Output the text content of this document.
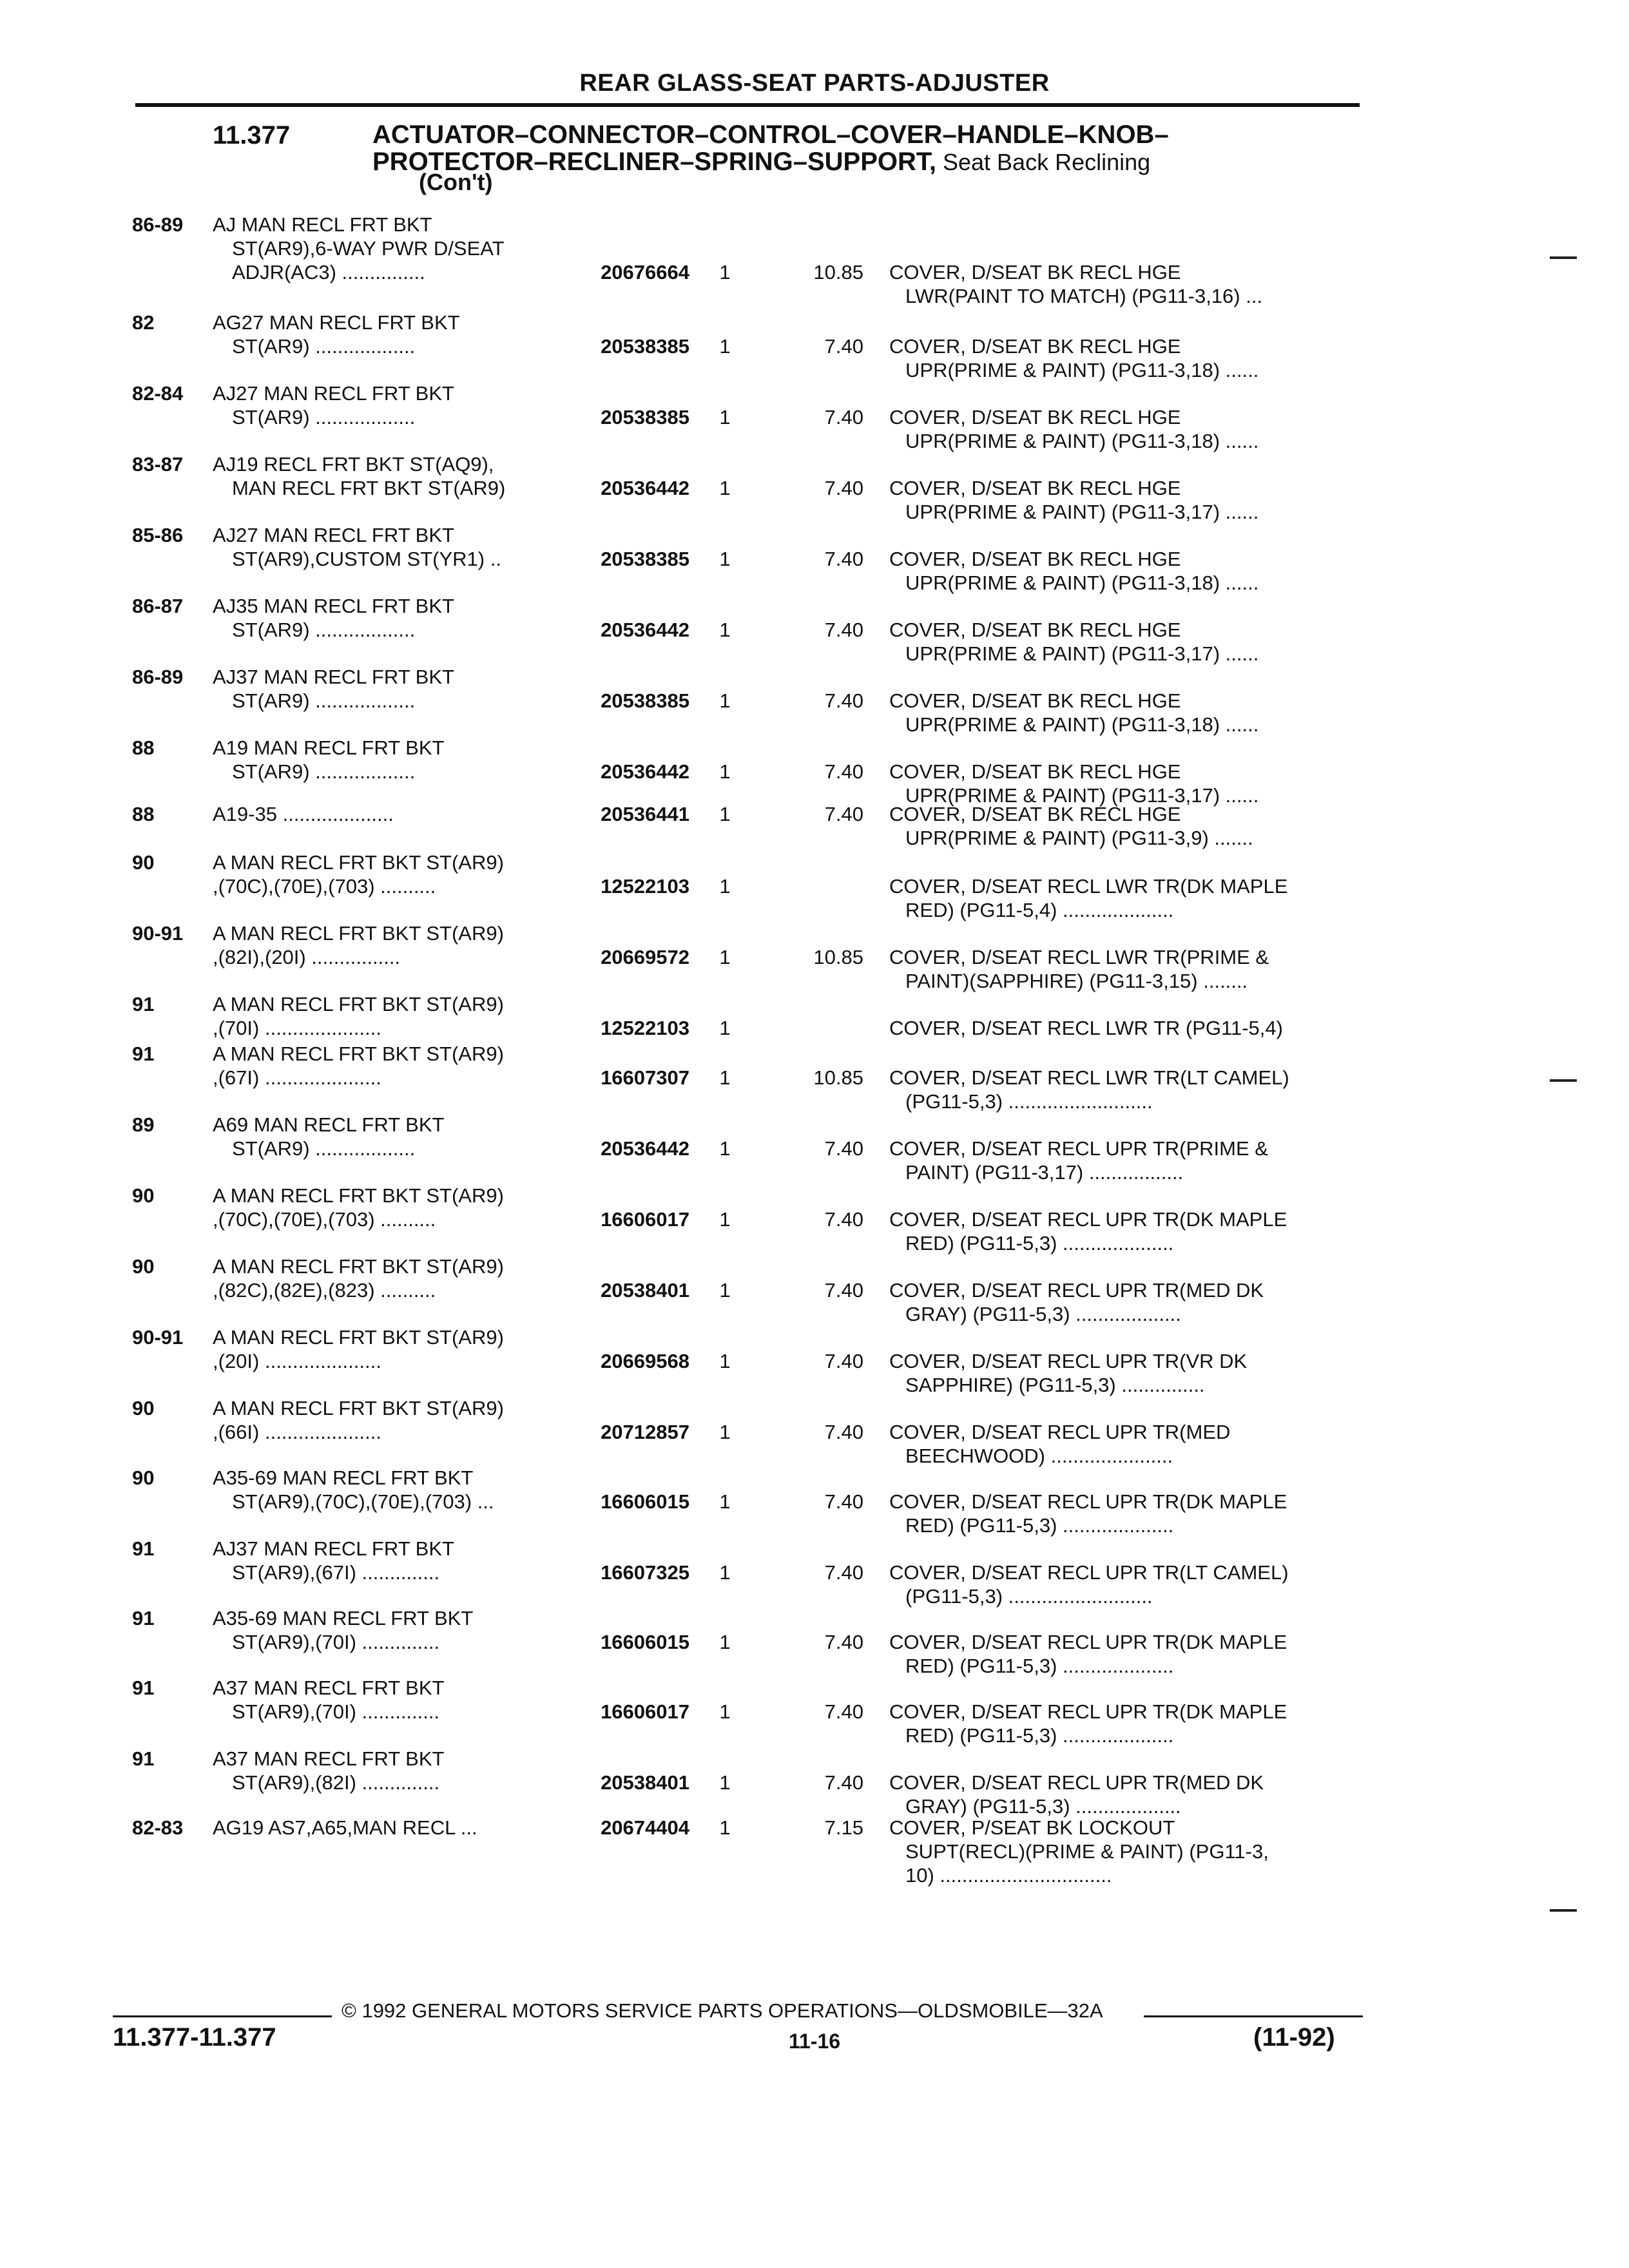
REAR GLASS-SEAT PARTS-ADJUSTER
11.377	ACTUATOR–CONNECTOR–CONTROL–COVER–HANDLE–KNOB–
PROTECTOR–RECLINER–SPRING–SUPPORT, Seat Back Reclining
(Con't)
86-89 AJ MAN RECL FRT BKT
ST(AR9),6-WAY PWR D/SEAT
ADJR(AC3) ...............	20676664	1	10.85 COVER, D/SEAT BK RECL HGE
LWR(PAINT TO MATCH) (PG11-3,16) ...
82	AG27 MAN RECL FRT BKT
ST(AR9) ..................	20538385	1	7.40 COVER, D/SEAT BK RECL HGE
UPR(PRIME & PAINT) (PG11-3,18) ......
82-84 AJ27 MAN RECL FRT BKT
ST(AR9) ..................	20538385	1	7.40 COVER, D/SEAT BK RECL HGE
UPR(PRIME & PAINT) (PG11-3,18) ......
83-87 AJ19 RECL FRT BKT ST(AQ9),
MAN RECL FRT BKT ST(AR9)	20536442	1	7.40 COVER, D/SEAT BK RECL HGE
UPR(PRIME & PAINT) (PG11-3,17) ......
85-86 AJ27 MAN RECL FRT BKT
ST(AR9),CUSTOM ST(YR1) ..	20538385	1	7.40 COVER, D/SEAT BK RECL HGE
UPR(PRIME & PAINT) (PG11-3,18) ......
86-87 AJ35 MAN RECL FRT BKT
ST(AR9) ..................	20536442	1	7.40 COVER, D/SEAT BK RECL HGE
UPR(PRIME & PAINT) (PG11-3,17) ......
86-89 AJ37 MAN RECL FRT BKT
ST(AR9) ..................	20538385	1	7.40 COVER, D/SEAT BK RECL HGE
UPR(PRIME & PAINT) (PG11-3,18) ......
88	A19 MAN RECL FRT BKT
ST(AR9) ..................	20536442	1	7.40 COVER, D/SEAT BK RECL HGE
UPR(PRIME & PAINT) (PG11-3,17) ......
88	A19-35 ....................	20536441	1	7.40 COVER, D/SEAT BK RECL HGE
UPR(PRIME & PAINT) (PG11-3,9) .......
90	A MAN RECL FRT BKT ST(AR9)
,(70C),(70E),(703) ..........	12522103	1	COVER, D/SEAT RECL LWR TR(DK MAPLE
RED) (PG11-5,4) ....................
90-91 A MAN RECL FRT BKT ST(AR9)
,(82I),(20I) ................	20669572	1	10.85 COVER, D/SEAT RECL LWR TR(PRIME &
PAINT)(SAPPHIRE) (PG11-3,15) ........
91	A MAN RECL FRT BKT ST(AR9)
,(70I) .....................	12522103	1	COVER, D/SEAT RECL LWR TR (PG11-5,4)
91	A MAN RECL FRT BKT ST(AR9)
,(67I) .....................	16607307	1	10.85 COVER, D/SEAT RECL LWR TR(LT CAMEL)
(PG11-5,3) ..........................
89	A69 MAN RECL FRT BKT
ST(AR9) ..................	20536442	1	7.40 COVER, D/SEAT RECL UPR TR(PRIME &
PAINT) (PG11-3,17) .................
90	A MAN RECL FRT BKT ST(AR9)
,(70C),(70E),(703) ..........	16606017	1	7.40 COVER, D/SEAT RECL UPR TR(DK MAPLE
RED) (PG11-5,3) ....................
90	A MAN RECL FRT BKT ST(AR9)
,(82C),(82E),(823) ..........	20538401	1	7.40 COVER, D/SEAT RECL UPR TR(MED DK
GRAY) (PG11-5,3) ...................
90-91 A MAN RECL FRT BKT ST(AR9)
,(20I) .....................	20669568	1	7.40 COVER, D/SEAT RECL UPR TR(VR DK
SAPPHIRE) (PG11-5,3) ...............
90	A MAN RECL FRT BKT ST(AR9)
,(66I) .....................	20712857	1	7.40 COVER, D/SEAT RECL UPR TR(MED
BEECHWOOD) ......................
90	A35-69 MAN RECL FRT BKT
ST(AR9),(70C),(70E),(703) ...	16606015	1	7.40 COVER, D/SEAT RECL UPR TR(DK MAPLE
RED) (PG11-5,3) ....................
91	AJ37 MAN RECL FRT BKT
ST(AR9),(67I) ..............	16607325	1	7.40 COVER, D/SEAT RECL UPR TR(LT CAMEL)
(PG11-5,3) ..........................
91	A35-69 MAN RECL FRT BKT
ST(AR9),(70I) ..............	16606015	1	7.40 COVER, D/SEAT RECL UPR TR(DK MAPLE
RED) (PG11-5,3) ....................
91	A37 MAN RECL FRT BKT
ST(AR9),(70I) ..............	16606017	1	7.40 COVER, D/SEAT RECL UPR TR(DK MAPLE
RED) (PG11-5,3) ....................
91	A37 MAN RECL FRT BKT
ST(AR9),(82I) ..............	20538401	1	7.40 COVER, D/SEAT RECL UPR TR(MED DK
GRAY) (PG11-5,3) ...................
82-83 AG19 AS7,A65,MAN RECL ...	20674404	1	7.15 COVER, P/SEAT BK LOCKOUT
SUPT(RECL)(PRIME & PAINT) (PG11-3,
10) ...............................
© 1992 GENERAL MOTORS SERVICE PARTS OPERATIONS—OLDSMOBILE—32A
11.377-11.377	11-16	(11-92)
